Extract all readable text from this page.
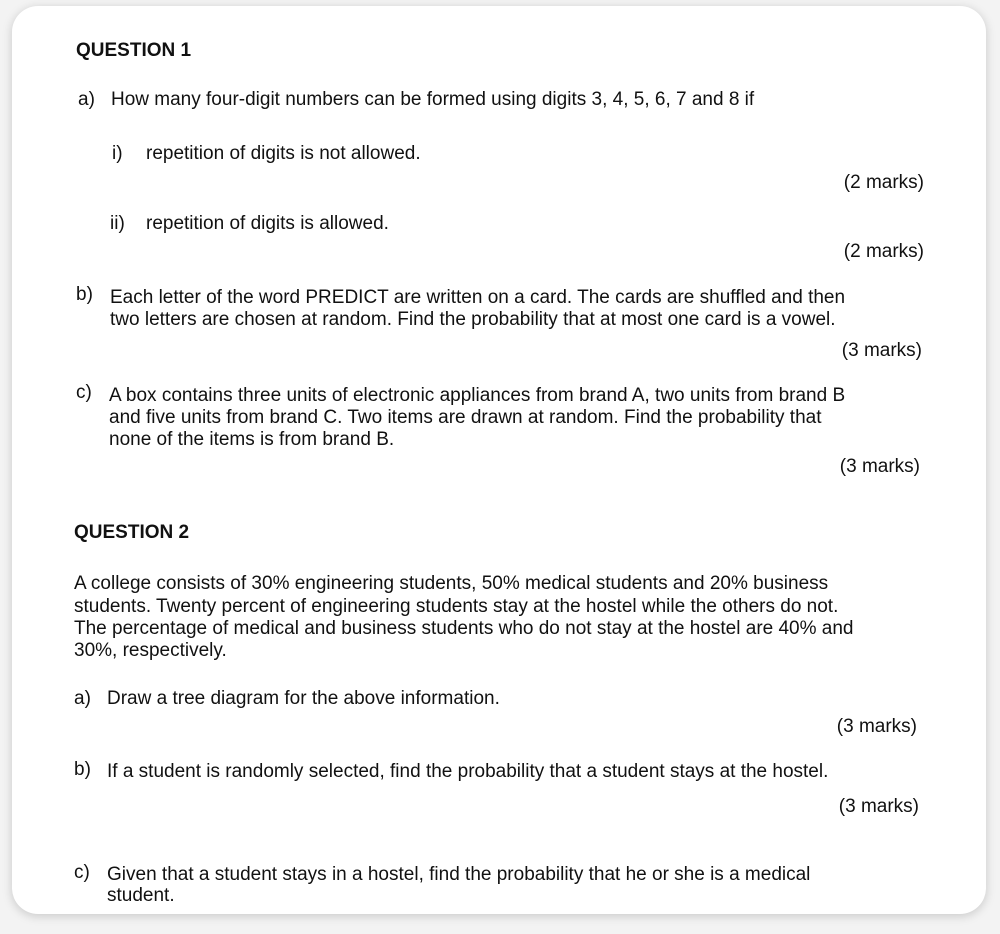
QUESTION 1
a) How many four-digit numbers can be formed using digits 3, 4, 5, 6, 7 and 8 if
i) repetition of digits is not allowed.
(2 marks)
ii) repetition of digits is allowed.
(2 marks)
b) Each letter of the word PREDICT are written on a card. The cards are shuffled and then
two letters are chosen at random. Find the probability that at most one card is a vowel.
(3 marks)
c) A box contains three units of electronic appliances from brand A, two units from brand B
and five units from brand C. Two items are drawn at random. Find the probability that
none of the items is from brand B.
(3 marks)
QUESTION 2
A college consists of 30% engineering students, 50% medical students and 20% business
students. Twenty percent of engineering students stay at the hostel while the others do not.
The percentage of medical and business students who do not stay at the hostel are 40% and
30%, respectively.
a) Draw a tree diagram for the above information.
(3 marks)
b) If a student is randomly selected, find the probability that a student stays at the hostel.
(3 marks)
c) Given that a student stays in a hostel, find the probability that he or she is a medical
student.
